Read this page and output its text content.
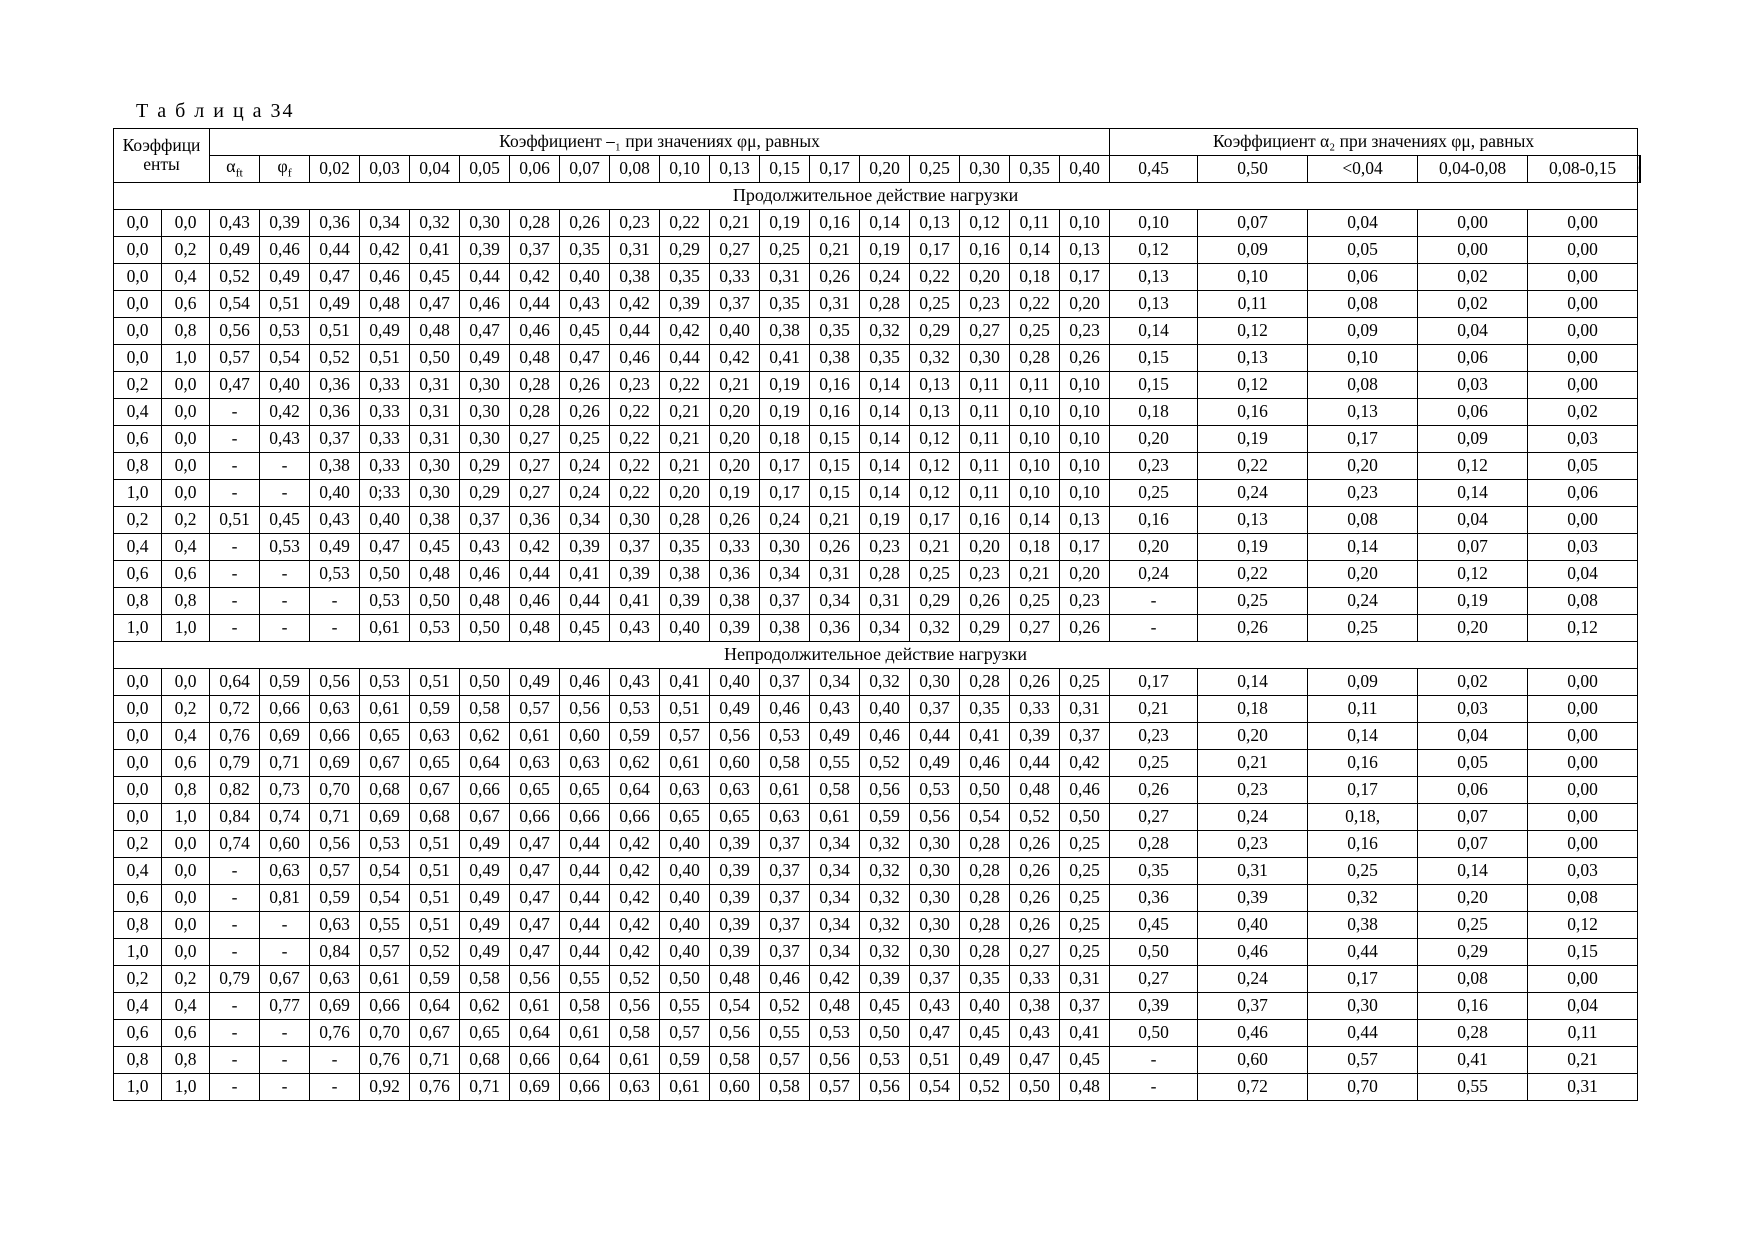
Т а б л и ц а 34
Коэффици
енты		Коэффициент ⎯₁ при значениях φμ, равных																		Коэффициент α₂ при значениях φμ, равных						
		$\alpha_{ft}$	$\varphi_f$	0,02	0,03	0,04	0,05	0,06	0,07	0,08	0,10	0,13	0,15	0,17	0,20	0,25	0,30	0,35	0,40	0,45	0,50	<0,04	0,04-0,08	0,08-0,15		
Продолжительное действие нагрузки																										
0,0	0,0	0,43	0,39	0,36	0,34	0,32	0,30	0,28	0,26	0,23	0,22	0,21	0,19	0,16	0,14	0,13	0,12	0,11	0,10	0,10	0,07	0,04	0,00	0,00		
0,0	0,2	0,49	0,46	0,44	0,42	0,41	0,39	0,37	0,35	0,31	0,29	0,27	0,25	0,21	0,19	0,17	0,16	0,14	0,13	0,12	0,09	0,05	0,00	0,00		
0,0	0,4	0,52	0,49	0,47	0,46	0,45	0,44	0,42	0,40	0,38	0,35	0,33	0,31	0,26	0,24	0,22	0,20	0,18	0,17	0,13	0,10	0,06	0,02	0,00		
0,0	0,6	0,54	0,51	0,49	0,48	0,47	0,46	0,44	0,43	0,42	0,39	0,37	0,35	0,31	0,28	0,25	0,23	0,22	0,20	0,13	0,11	0,08	0,02	0,00		
0,0	0,8	0,56	0,53	0,51	0,49	0,48	0,47	0,46	0,45	0,44	0,42	0,40	0,38	0,35	0,32	0,29	0,27	0,25	0,23	0,14	0,12	0,09	0,04	0,00		
0,0	1,0	0,57	0,54	0,52	0,51	0,50	0,49	0,48	0,47	0,46	0,44	0,42	0,41	0,38	0,35	0,32	0,30	0,28	0,26	0,15	0,13	0,10	0,06	0,00		
0,2	0,0	0,47	0,40	0,36	0,33	0,31	0,30	0,28	0,26	0,23	0,22	0,21	0,19	0,16	0,14	0,13	0,11	0,11	0,10	0,15	0,12	0,08	0,03	0,00		
0,4	0,0	-	0,42	0,36	0,33	0,31	0,30	0,28	0,26	0,22	0,21	0,20	0,19	0,16	0,14	0,13	0,11	0,10	0,10	0,18	0,16	0,13	0,06	0,02		
0,6	0,0	-	0,43	0,37	0,33	0,31	0,30	0,27	0,25	0,22	0,21	0,20	0,18	0,15	0,14	0,12	0,11	0,10	0,10	0,20	0,19	0,17	0,09	0,03		
0,8	0,0	-	-	0,38	0,33	0,30	0,29	0,27	0,24	0,22	0,21	0,20	0,17	0,15	0,14	0,12	0,11	0,10	0,10	0,23	0,22	0,20	0,12	0,05		
1,0	0,0	-	-	0,40	0;33	0,30	0,29	0,27	0,24	0,22	0,20	0,19	0,17	0,15	0,14	0,12	0,11	0,10	0,10	0,25	0,24	0,23	0,14	0,06		
0,2	0,2	0,51	0,45	0,43	0,40	0,38	0,37	0,36	0,34	0,30	0,28	0,26	0,24	0,21	0,19	0,17	0,16	0,14	0,13	0,16	0,13	0,08	0,04	0,00		
0,4	0,4	-	0,53	0,49	0,47	0,45	0,43	0,42	0,39	0,37	0,35	0,33	0,30	0,26	0,23	0,21	0,20	0,18	0,17	0,20	0,19	0,14	0,07	0,03		
0,6	0,6	-	-	0,53	0,50	0,48	0,46	0,44	0,41	0,39	0,38	0,36	0,34	0,31	0,28	0,25	0,23	0,21	0,20	0,24	0,22	0,20	0,12	0,04		
0,8	0,8	-	-	-	0,53	0,50	0,48	0,46	0,44	0,41	0,39	0,38	0,37	0,34	0,31	0,29	0,26	0,25	0,23	-	0,25	0,24	0,19	0,08		
1,0	1,0	-	-	-	0,61	0,53	0,50	0,48	0,45	0,43	0,40	0,39	0,38	0,36	0,34	0,32	0,29	0,27	0,26	-	0,26	0,25	0,20	0,12		
Непродолжительное действие нагрузки																										
0,0	0,0	0,64	0,59	0,56	0,53	0,51	0,50	0,49	0,46	0,43	0,41	0,40	0,37	0,34	0,32	0,30	0,28	0,26	0,25	0,17	0,14	0,09	0,02	0,00		
0,0	0,2	0,72	0,66	0,63	0,61	0,59	0,58	0,57	0,56	0,53	0,51	0,49	0,46	0,43	0,40	0,37	0,35	0,33	0,31	0,21	0,18	0,11	0,03	0,00		
0,0	0,4	0,76	0,69	0,66	0,65	0,63	0,62	0,61	0,60	0,59	0,57	0,56	0,53	0,49	0,46	0,44	0,41	0,39	0,37	0,23	0,20	0,14	0,04	0,00		
0,0	0,6	0,79	0,71	0,69	0,67	0,65	0,64	0,63	0,63	0,62	0,61	0,60	0,58	0,55	0,52	0,49	0,46	0,44	0,42	0,25	0,21	0,16	0,05	0,00		
0,0	0,8	0,82	0,73	0,70	0,68	0,67	0,66	0,65	0,65	0,64	0,63	0,63	0,61	0,58	0,56	0,53	0,50	0,48	0,46	0,26	0,23	0,17	0,06	0,00		
0,0	1,0	0,84	0,74	0,71	0,69	0,68	0,67	0,66	0,66	0,66	0,65	0,65	0,63	0,61	0,59	0,56	0,54	0,52	0,50	0,27	0,24	0,18,	0,07	0,00		
0,2	0,0	0,74	0,60	0,56	0,53	0,51	0,49	0,47	0,44	0,42	0,40	0,39	0,37	0,34	0,32	0,30	0,28	0,26	0,25	0,28	0,23	0,16	0,07	0,00		
0,4	0,0	-	0,63	0,57	0,54	0,51	0,49	0,47	0,44	0,42	0,40	0,39	0,37	0,34	0,32	0,30	0,28	0,26	0,25	0,35	0,31	0,25	0,14	0,03		
0,6	0,0	-	0,81	0,59	0,54	0,51	0,49	0,47	0,44	0,42	0,40	0,39	0,37	0,34	0,32	0,30	0,28	0,26	0,25	0,36	0,39	0,32	0,20	0,08		
0,8	0,0	-	-	0,63	0,55	0,51	0,49	0,47	0,44	0,42	0,40	0,39	0,37	0,34	0,32	0,30	0,28	0,26	0,25	0,45	0,40	0,38	0,25	0,12		
1,0	0,0	-	-	0,84	0,57	0,52	0,49	0,47	0,44	0,42	0,40	0,39	0,37	0,34	0,32	0,30	0,28	0,27	0,25	0,50	0,46	0,44	0,29	0,15		
0,2	0,2	0,79	0,67	0,63	0,61	0,59	0,58	0,56	0,55	0,52	0,50	0,48	0,46	0,42	0,39	0,37	0,35	0,33	0,31	0,27	0,24	0,17	0,08	0,00		
0,4	0,4	-	0,77	0,69	0,66	0,64	0,62	0,61	0,58	0,56	0,55	0,54	0,52	0,48	0,45	0,43	0,40	0,38	0,37	0,39	0,37	0,30	0,16	0,04		
0,6	0,6	-	-	0,76	0,70	0,67	0,65	0,64	0,61	0,58	0,57	0,56	0,55	0,53	0,50	0,47	0,45	0,43	0,41	0,50	0,46	0,44	0,28	0,11		
0,8	0,8	-	-	-	0,76	0,71	0,68	0,66	0,64	0,61	0,59	0,58	0,57	0,56	0,53	0,51	0,49	0,47	0,45	-	0,60	0,57	0,41	0,21		
1,0	1,0	-	-	-	0,92	0,76	0,71	0,69	0,66	0,63	0,61	0,60	0,58	0,57	0,56	0,54	0,52	0,50	0,48	-	0,72	0,70	0,55	0,31		
